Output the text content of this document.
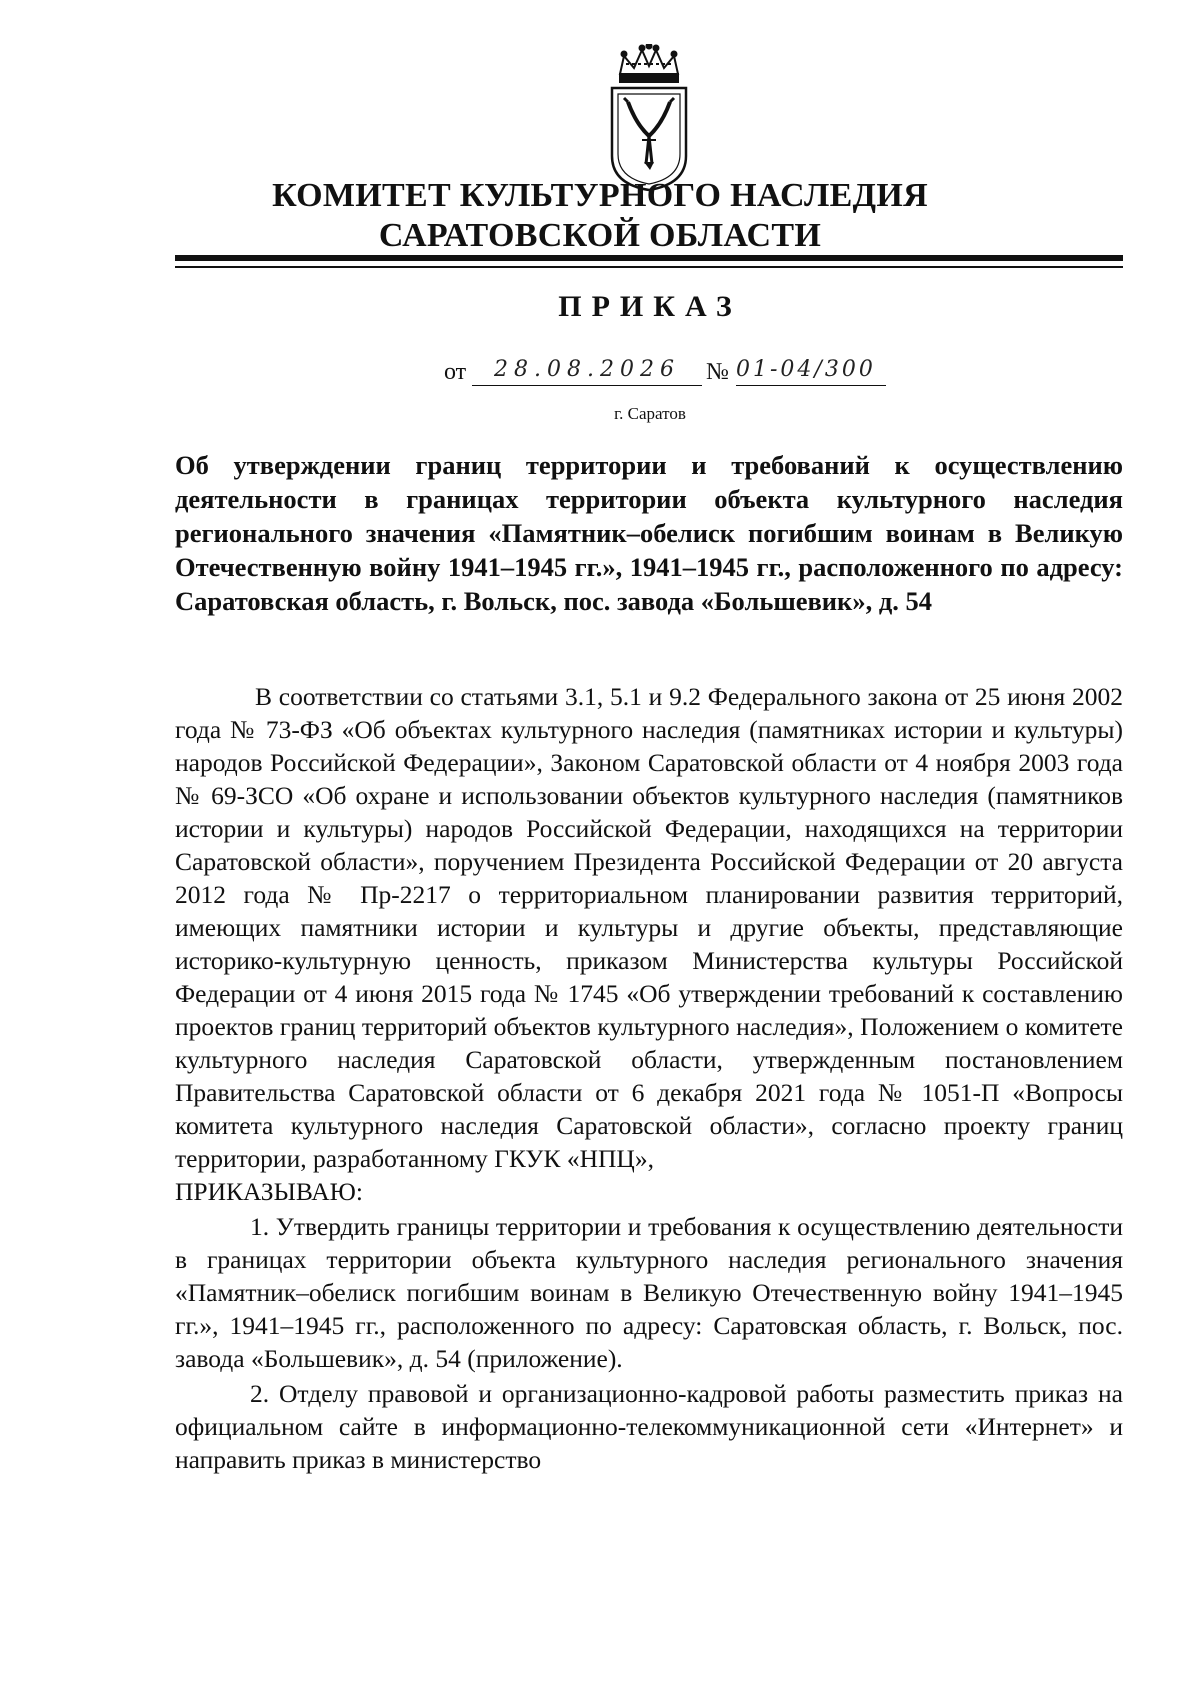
КОМИТЕТ КУЛЬТУРНОГО НАСЛЕДИЯ
САРАТОВСКОЙ ОБЛАСТИ
ПРИКАЗ
от	28.08.2026	№ 01-04/300
г. Саратов
Об утверждении границ территории и требований к осуществлению деятельности в границах территории объекта культурного наследия регионального значения «Памятник–обелиск погибшим воинам в Великую Отечественную войну 1941–1945 гг.», 1941–1945 гг., расположенного по адресу: Саратовская область, г. Вольск, пос. завода «Большевик», д. 54

В соответствии со статьями 3.1, 5.1 и 9.2 Федерального закона от 25 июня 2002 года № 73-ФЗ «Об объектах культурного наследия (памятниках истории и культуры) народов Российской Федерации», Законом Саратовской области от 4 ноября 2003 года № 69-ЗСО «Об охране и использовании объектов культурного наследия (памятников истории и культуры) народов Российской Федерации, находящихся на территории Саратовской области», поручением Президента Российской Федерации от 20 августа 2012 года № Пр-2217 о территориальном планировании развития территорий, имеющих памятники истории и культуры и другие объекты, представляющие историко-культурную ценность, приказом Министерства культуры Российской Федерации от 4 июня 2015 года № 1745 «Об утверждении требований к составлению проектов границ территорий объектов культурного наследия», Положением о комитете культурного наследия Саратовской области, утвержденным постановлением Правительства Саратовской области от 6 декабря 2021 года № 1051-П «Вопросы комитета культурного наследия Саратовской области», согласно проекту границ территории, разработанному ГКУК «НПЦ»,

ПРИКАЗЫВАЮ:

1. Утвердить границы территории и требования к осуществлению деятельности в границах территории объекта культурного наследия регионального значения «Памятник–обелиск погибшим воинам в Великую Отечественную войну 1941–1945 гг.», 1941–1945 гг., расположенного по адресу: Саратовская область, г. Вольск, пос. завода «Большевик», д. 54 (приложение).

2. Отделу правовой и организационно-кадровой работы разместить приказ на официальном сайте в информационно-телекоммуникационной сети «Интернет» и направить приказ в министерство
